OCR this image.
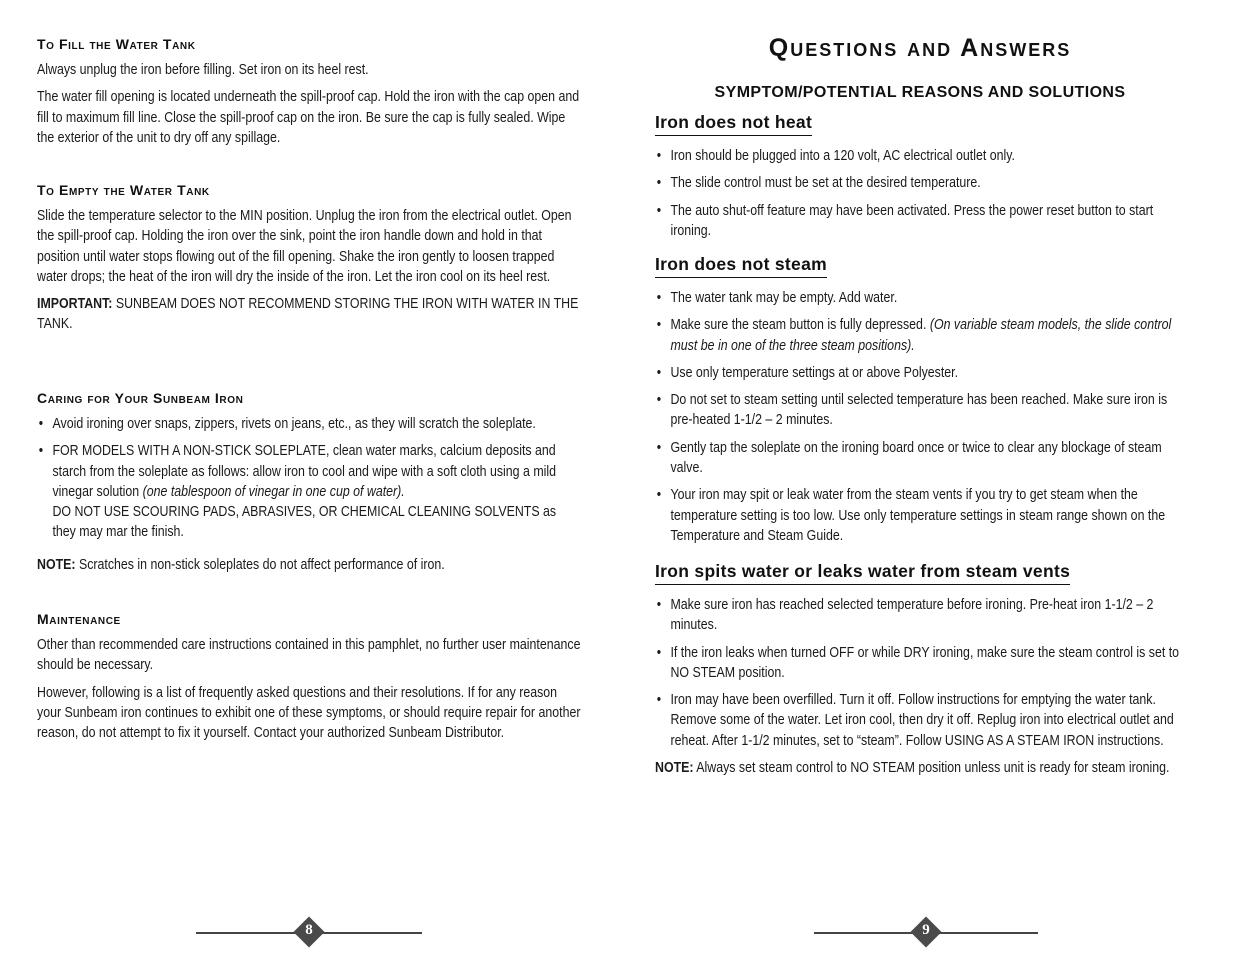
To Fill the Water Tank

Always unplug the iron before filling. Set iron on its heel rest.

The water fill opening is located underneath the spill-proof cap. Hold the iron with the cap open and fill to maximum fill line. Close the spill-proof cap on the iron. Be sure the cap is fully sealed. Wipe the exterior of the unit to dry off any spillage.

To Empty the Water Tank

Slide the temperature selector to the MIN position. Unplug the iron from the electrical outlet. Open the spill-proof cap. Holding the iron over the sink, point the iron handle down and hold in that position until water stops flowing out of the fill opening. Shake the iron gently to loosen trapped water drops; the heat of the iron will dry the inside of the iron. Let the iron cool on its heel rest.

IMPORTANT: SUNBEAM DOES NOT RECOMMEND STORING THE IRON WITH WATER IN THE TANK.

Caring for Your Sunbeam Iron
• Avoid ironing over snaps, zippers, rivets on jeans, etc., as they will scratch the soleplate.
• FOR MODELS WITH A NON-STICK SOLEPLATE, clean water marks, calcium deposits and starch from the soleplate as follows: allow iron to cool and wipe with a soft cloth using a mild vinegar solution (one tablespoon of vinegar in one cup of water).
DO NOT USE SCOURING PADS, ABRASIVES, OR CHEMICAL CLEANING SOLVENTS as they may mar the finish.

NOTE: Scratches in non-stick soleplates do not affect performance of iron.

Maintenance

Other than recommended care instructions contained in this pamphlet, no further user maintenance should be necessary.

However, following is a list of frequently asked questions and their resolutions. If for any reason your Sunbeam iron continues to exhibit one of these symptoms, or should require repair for another reason, do not attempt to fix it yourself. Contact your authorized Sunbeam Distributor.

Questions and Answers
SYMPTOM/POTENTIAL REASONS AND SOLUTIONS
Iron does not heat
• Iron should be plugged into a 120 volt, AC electrical outlet only.
• The slide control must be set at the desired temperature.
• The auto shut-off feature may have been activated. Press the power reset button to start ironing.
Iron does not steam
• The water tank may be empty. Add water.
• Make sure the steam button is fully depressed. (On variable steam models, the slide control must be in one of the three steam positions).
• Use only temperature settings at or above Polyester.
• Do not set to steam setting until selected temperature has been reached. Make sure iron is pre-heated 1-1/2 – 2 minutes.
• Gently tap the soleplate on the ironing board once or twice to clear any blockage of steam valve.
• Your iron may spit or leak water from the steam vents if you try to get steam when the temperature setting is too low. Use only temperature settings in steam range shown on the Temperature and Steam Guide.
Iron spits water or leaks water from steam vents
• Make sure iron has reached selected temperature before ironing. Pre-heat iron 1-1/2 – 2 minutes.
• If the iron leaks when turned OFF or while DRY ironing, make sure the steam control is set to NO STEAM position.
• Iron may have been overfilled. Turn it off. Follow instructions for emptying the water tank. Remove some of the water. Let iron cool, then dry it off. Replug iron into electrical outlet and reheat. After 1-1/2 minutes, set to “steam”. Follow USING AS A STEAM IRON instructions.

NOTE: Always set steam control to NO STEAM position unless unit is ready for steam ironing.

8	9
